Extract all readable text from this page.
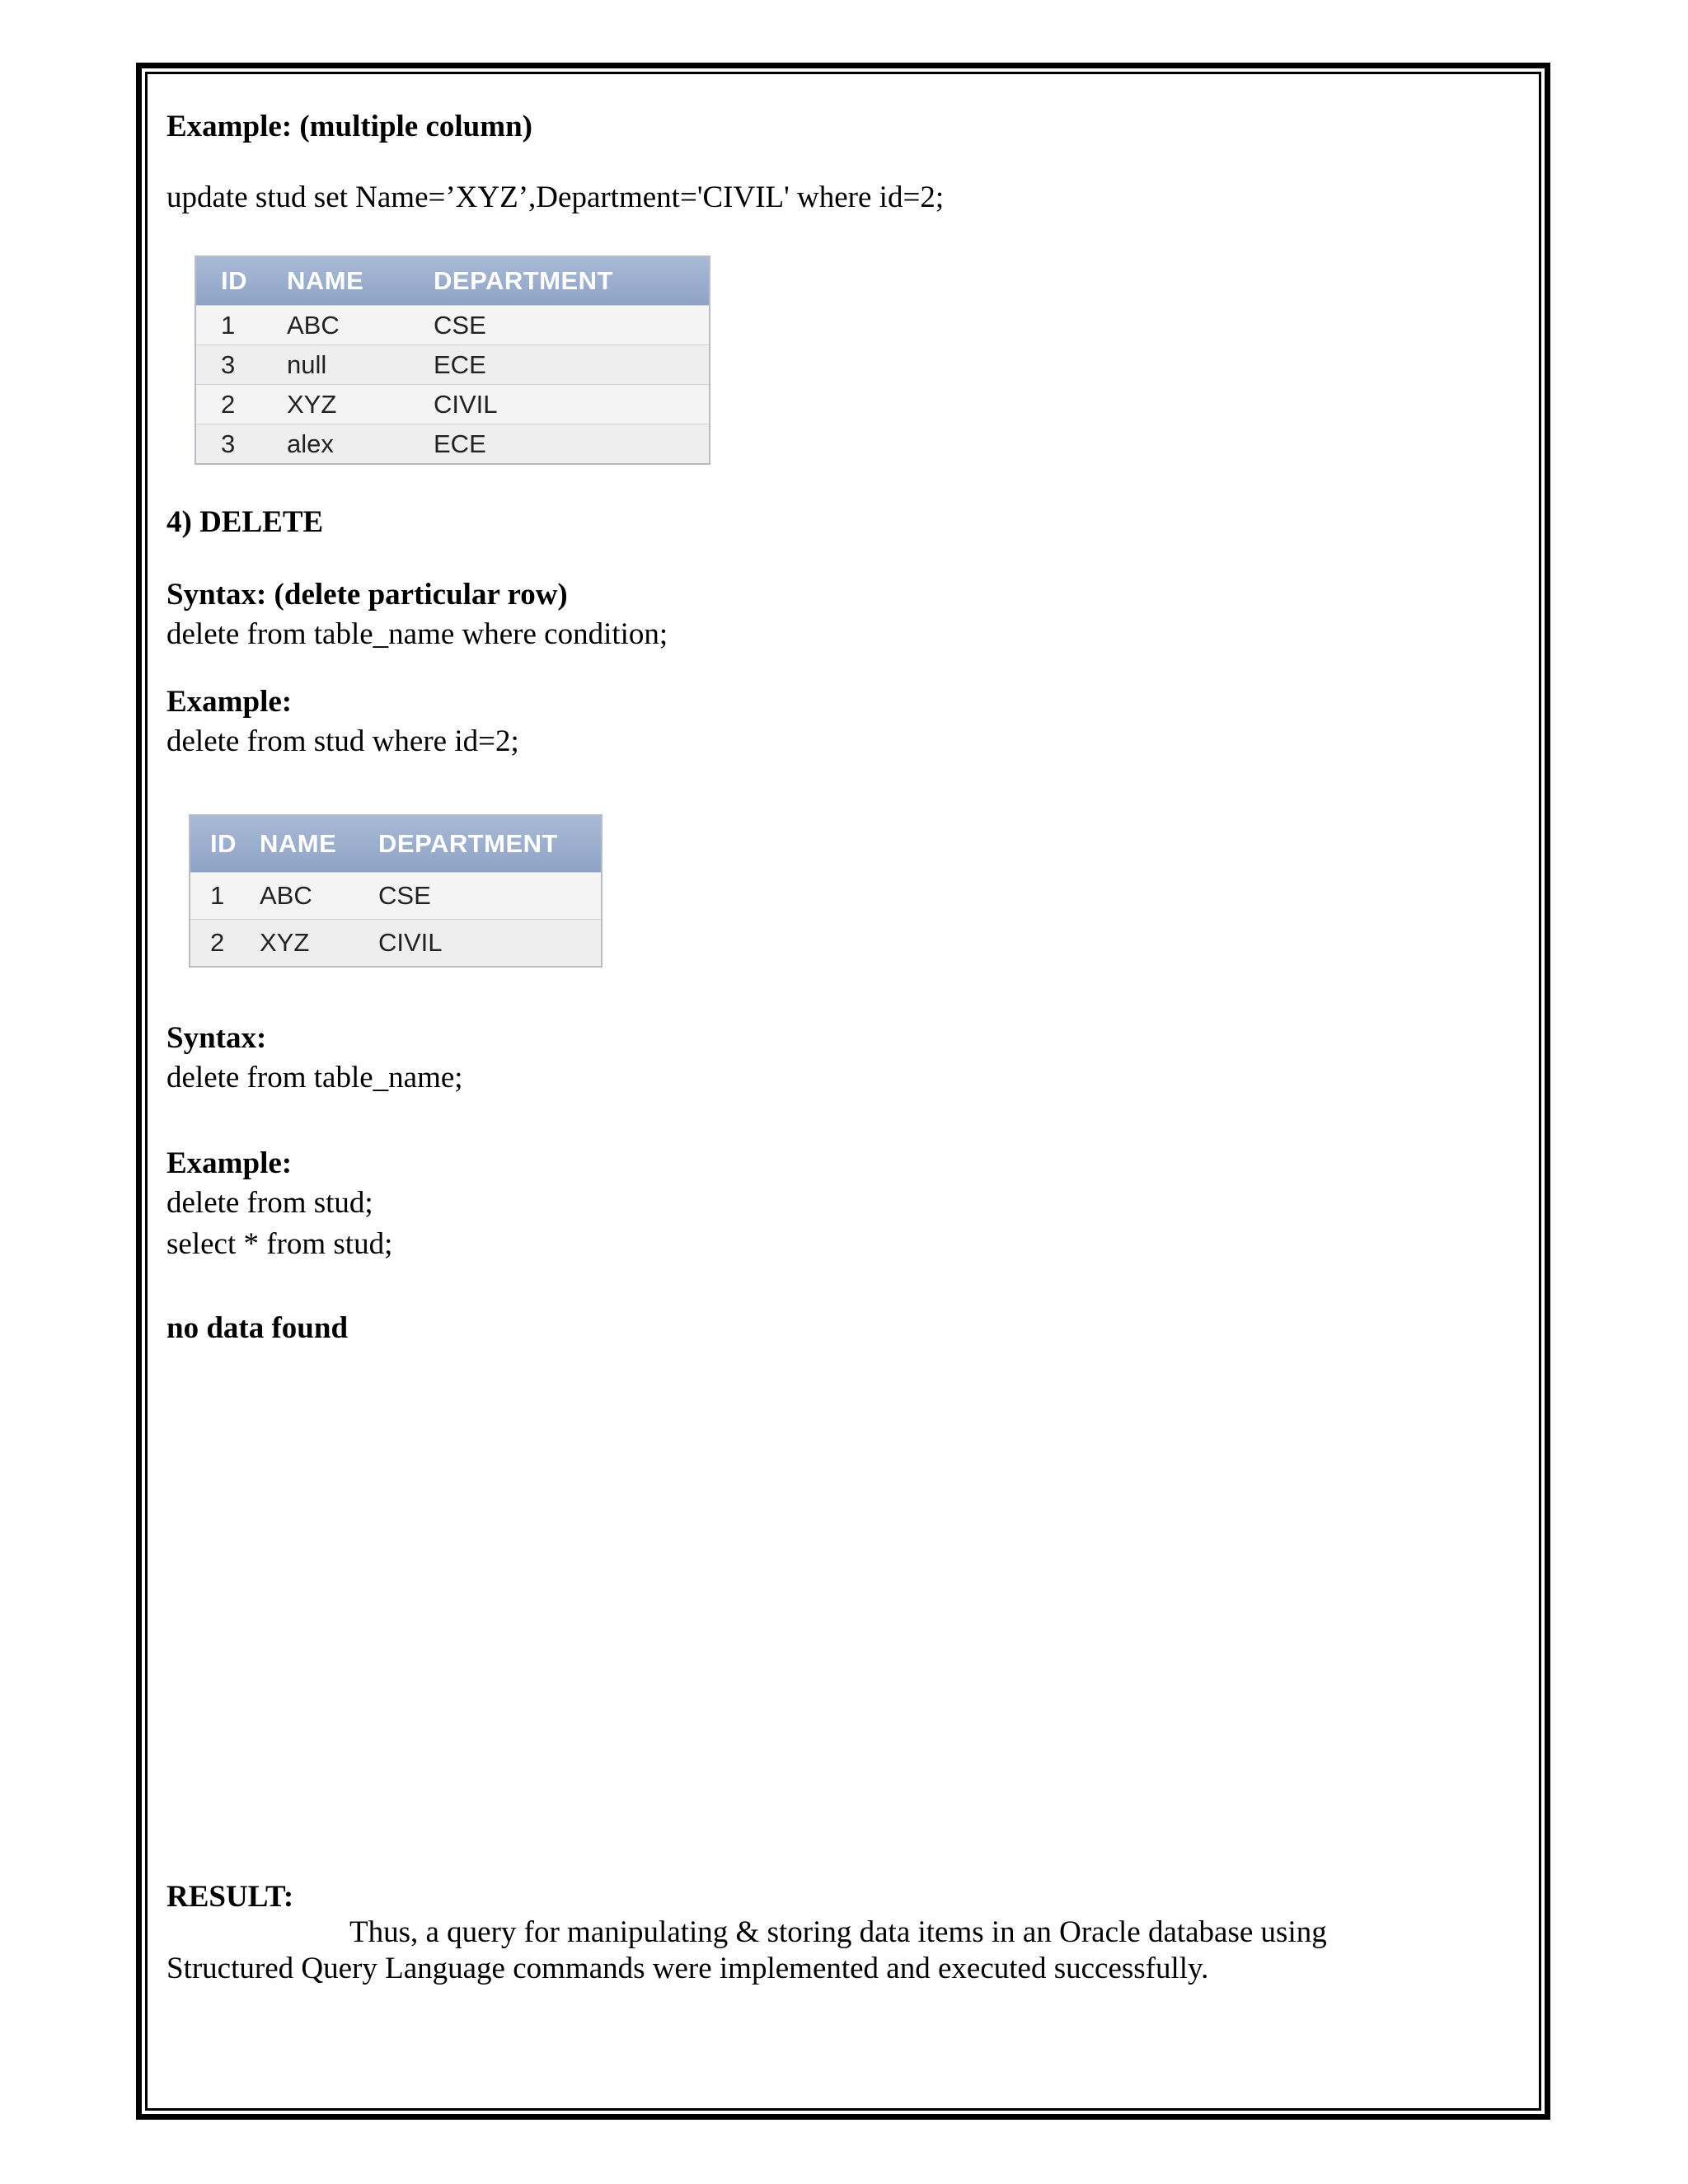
Example: (multiple column)
update stud set Name=’XYZ’,Department='CIVIL' where id=2;
ID	NAME	DEPARTMENT
1	ABC	CSE
3	null	ECE
2	XYZ	CIVIL
3	alex	ECE
4) DELETE
Syntax: (delete particular row)
delete from table_name where condition;
Example:
delete from stud where id=2;
ID	NAME	DEPARTMENT
1	ABC	CSE
2	XYZ	CIVIL
Syntax:
delete from table_name;
Example:
delete from stud;
select * from stud;
no data found
RESULT:
Thus, a query for manipulating & storing data items in an Oracle database using
Structured Query Language commands were implemented and executed successfully.
